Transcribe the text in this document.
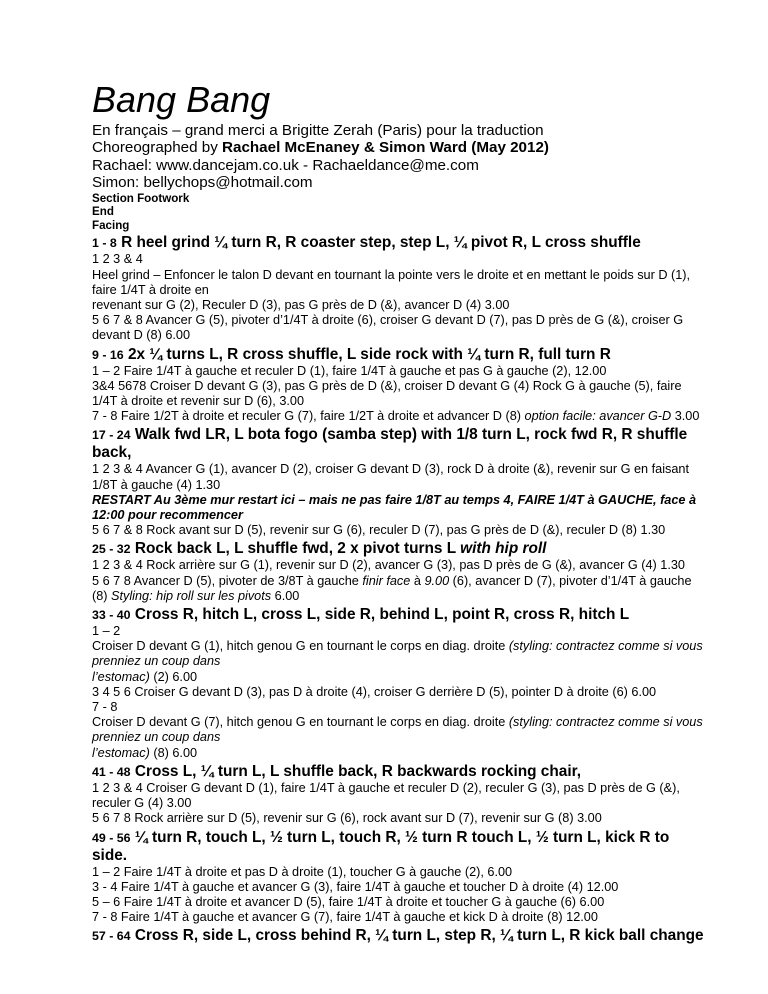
Bang Bang
En français – grand merci a Brigitte Zerah (Paris) pour la traduction
Choreographed by Rachael McEnaney & Simon Ward (May 2012)
Rachael: www.dancejam.co.uk - Rachaeldance@me.com
Simon: bellychops@hotmail.com
Section Footwork
End
Facing
1 - 8 R heel grind ¼ turn R, R coaster step, step L, ¼ pivot R, L cross shuffle
1 2 3 & 4
Heel grind – Enfoncer le talon D devant en tournant la pointe vers le droite et en mettant le poids sur D (1), faire 1/4T à droite en
revenant sur G (2), Reculer D (3), pas G près de D (&), avancer D (4) 3.00
5 6 7 & 8 Avancer G (5), pivoter d’1/4T à droite (6), croiser G devant D (7), pas D près de G (&), croiser G devant D (8) 6.00
9 - 16 2x ¼ turns L, R cross shuffle, L side rock with ¼ turn R, full turn R
1 – 2 Faire 1/4T à gauche et reculer D (1), faire 1/4T à gauche et pas G à gauche (2), 12.00
3&4 5678 Croiser D devant G (3), pas G près de D (&), croiser D devant G (4) Rock G à gauche (5), faire 1/4T à droite et revenir sur D (6), 3.00
7 - 8 Faire 1/2T à droite et reculer G (7), faire 1/2T à droite et advancer D (8) option facile: avancer G-D 3.00
17 - 24 Walk fwd LR, L bota fogo (samba step) with 1/8 turn L, rock fwd R, R shuffle back,
1 2 3 & 4 Avancer G (1), avancer D (2), croiser G devant D (3), rock D à droite (&), revenir sur G en faisant 1/8T à gauche (4) 1.30
RESTART Au 3ème mur restart ici – mais ne pas faire 1/8T au temps 4, FAIRE 1/4T à GAUCHE, face à 12:00 pour recommencer
5 6 7 & 8 Rock avant sur D (5), revenir sur G (6), reculer D (7), pas G près de D (&), reculer D (8) 1.30
25 - 32 Rock back L, L shuffle fwd, 2 x pivot turns L with hip roll
1 2 3 & 4 Rock arrière sur G (1), revenir sur D (2), avancer G (3), pas D près de G (&), avancer G (4) 1.30
5 6 7 8 Avancer D (5), pivoter de 3/8T à gauche finir face à 9.00 (6), avancer D (7), pivoter d’1/4T à gauche (8) Styling: hip roll sur les pivots 6.00
33 - 40 Cross R, hitch L, cross L, side R, behind L, point R, cross R, hitch L
1 – 2
Croiser D devant G (1), hitch genou G en tournant le corps en diag. droite (styling: contractez comme si vous prenniez un coup dans
l’estomac) (2) 6.00
3 4 5 6 Croiser G devant D (3), pas D à droite (4), croiser G derrière D (5), pointer D à droite (6) 6.00
7 - 8
Croiser D devant G (7), hitch genou G en tournant le corps en diag. droite (styling: contractez comme si vous prenniez un coup dans
l’estomac) (8) 6.00
41 - 48 Cross L, ¼ turn L, L shuffle back, R backwards rocking chair,
1 2 3 & 4 Croiser G devant D (1), faire 1/4T à gauche et reculer D (2), reculer G (3), pas D près de G (&), reculer G (4) 3.00
5 6 7 8 Rock arrière sur D (5), revenir sur G (6), rock avant sur D (7), revenir sur G (8) 3.00
49 - 56 ¼ turn R, touch L, ½ turn L, touch R, ½ turn R touch L, ½ turn L, kick R to side.
1 – 2 Faire 1/4T à droite et pas D à droite (1), toucher G à gauche (2), 6.00
3 - 4 Faire 1/4T à gauche et avancer G (3), faire 1/4T à gauche et toucher D à droite (4) 12.00
5 – 6 Faire 1/4T à droite et avancer D (5), faire 1/4T à droite et toucher G à gauche (6) 6.00
7 - 8 Faire 1/4T à gauche et avancer G (7), faire 1/4T à gauche et kick D à droite (8) 12.00
57 - 64 Cross R, side L, cross behind R, ¼ turn L, step R, ¼ turn L, R kick ball change
